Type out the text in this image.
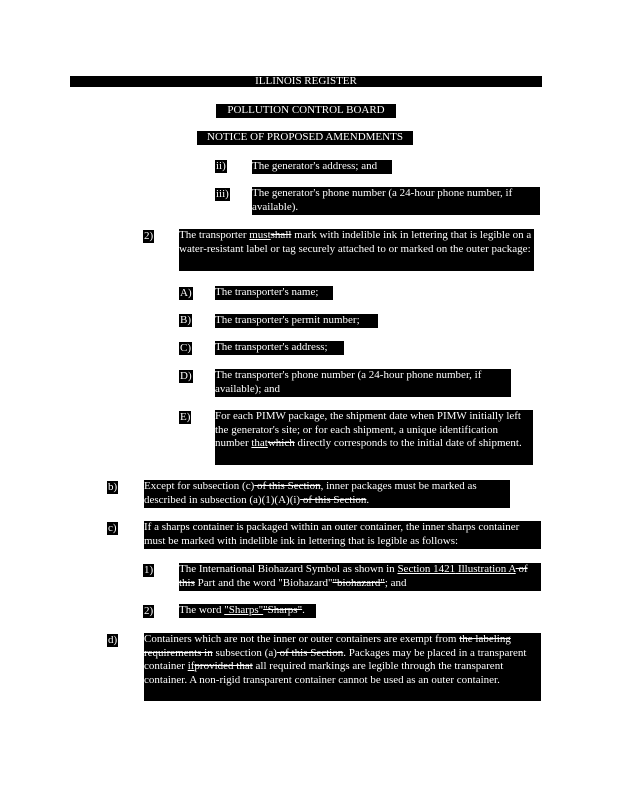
ILLINOIS REGISTER
POLLUTION CONTROL BOARD
NOTICE OF PROPOSED AMENDMENTS
ii) The generator's address; and
iii) The generator's phone number (a 24-hour phone number, if available).
2) The transporter mustshall mark with indelible ink in lettering that is legible on a water-resistant label or tag securely attached to or marked on the outer package:
A) The transporter's name;
B) The transporter's permit number;
C) The transporter's address;
D) The transporter's phone number (a 24-hour phone number, if available); and
E) For each PIMW package, the shipment date when PIMW initially left the generator's site; or for each shipment, a unique identification number thatwhich directly corresponds to the initial date of shipment.
b) Except for subsection (c) of this Section, inner packages must be marked as described in subsection (a)(1)(A)(i) of this Section.
c) If a sharps container is packaged within an outer container, the inner sharps container must be marked with indelible ink in lettering that is legible as follows:
1) The International Biohazard Symbol as shown in Section 1421 Illustration A of this Part and the word "Biohazard""biohazard"; and
2) The word "Sharps""Sharps".
d) Containers which are not the inner or outer containers are exempt from the labeling requirements in subsection (a) of this Section. Packages may be placed in a transparent container ifprovided that all required markings are legible through the transparent container. A non-rigid transparent container cannot be used as an outer container.
